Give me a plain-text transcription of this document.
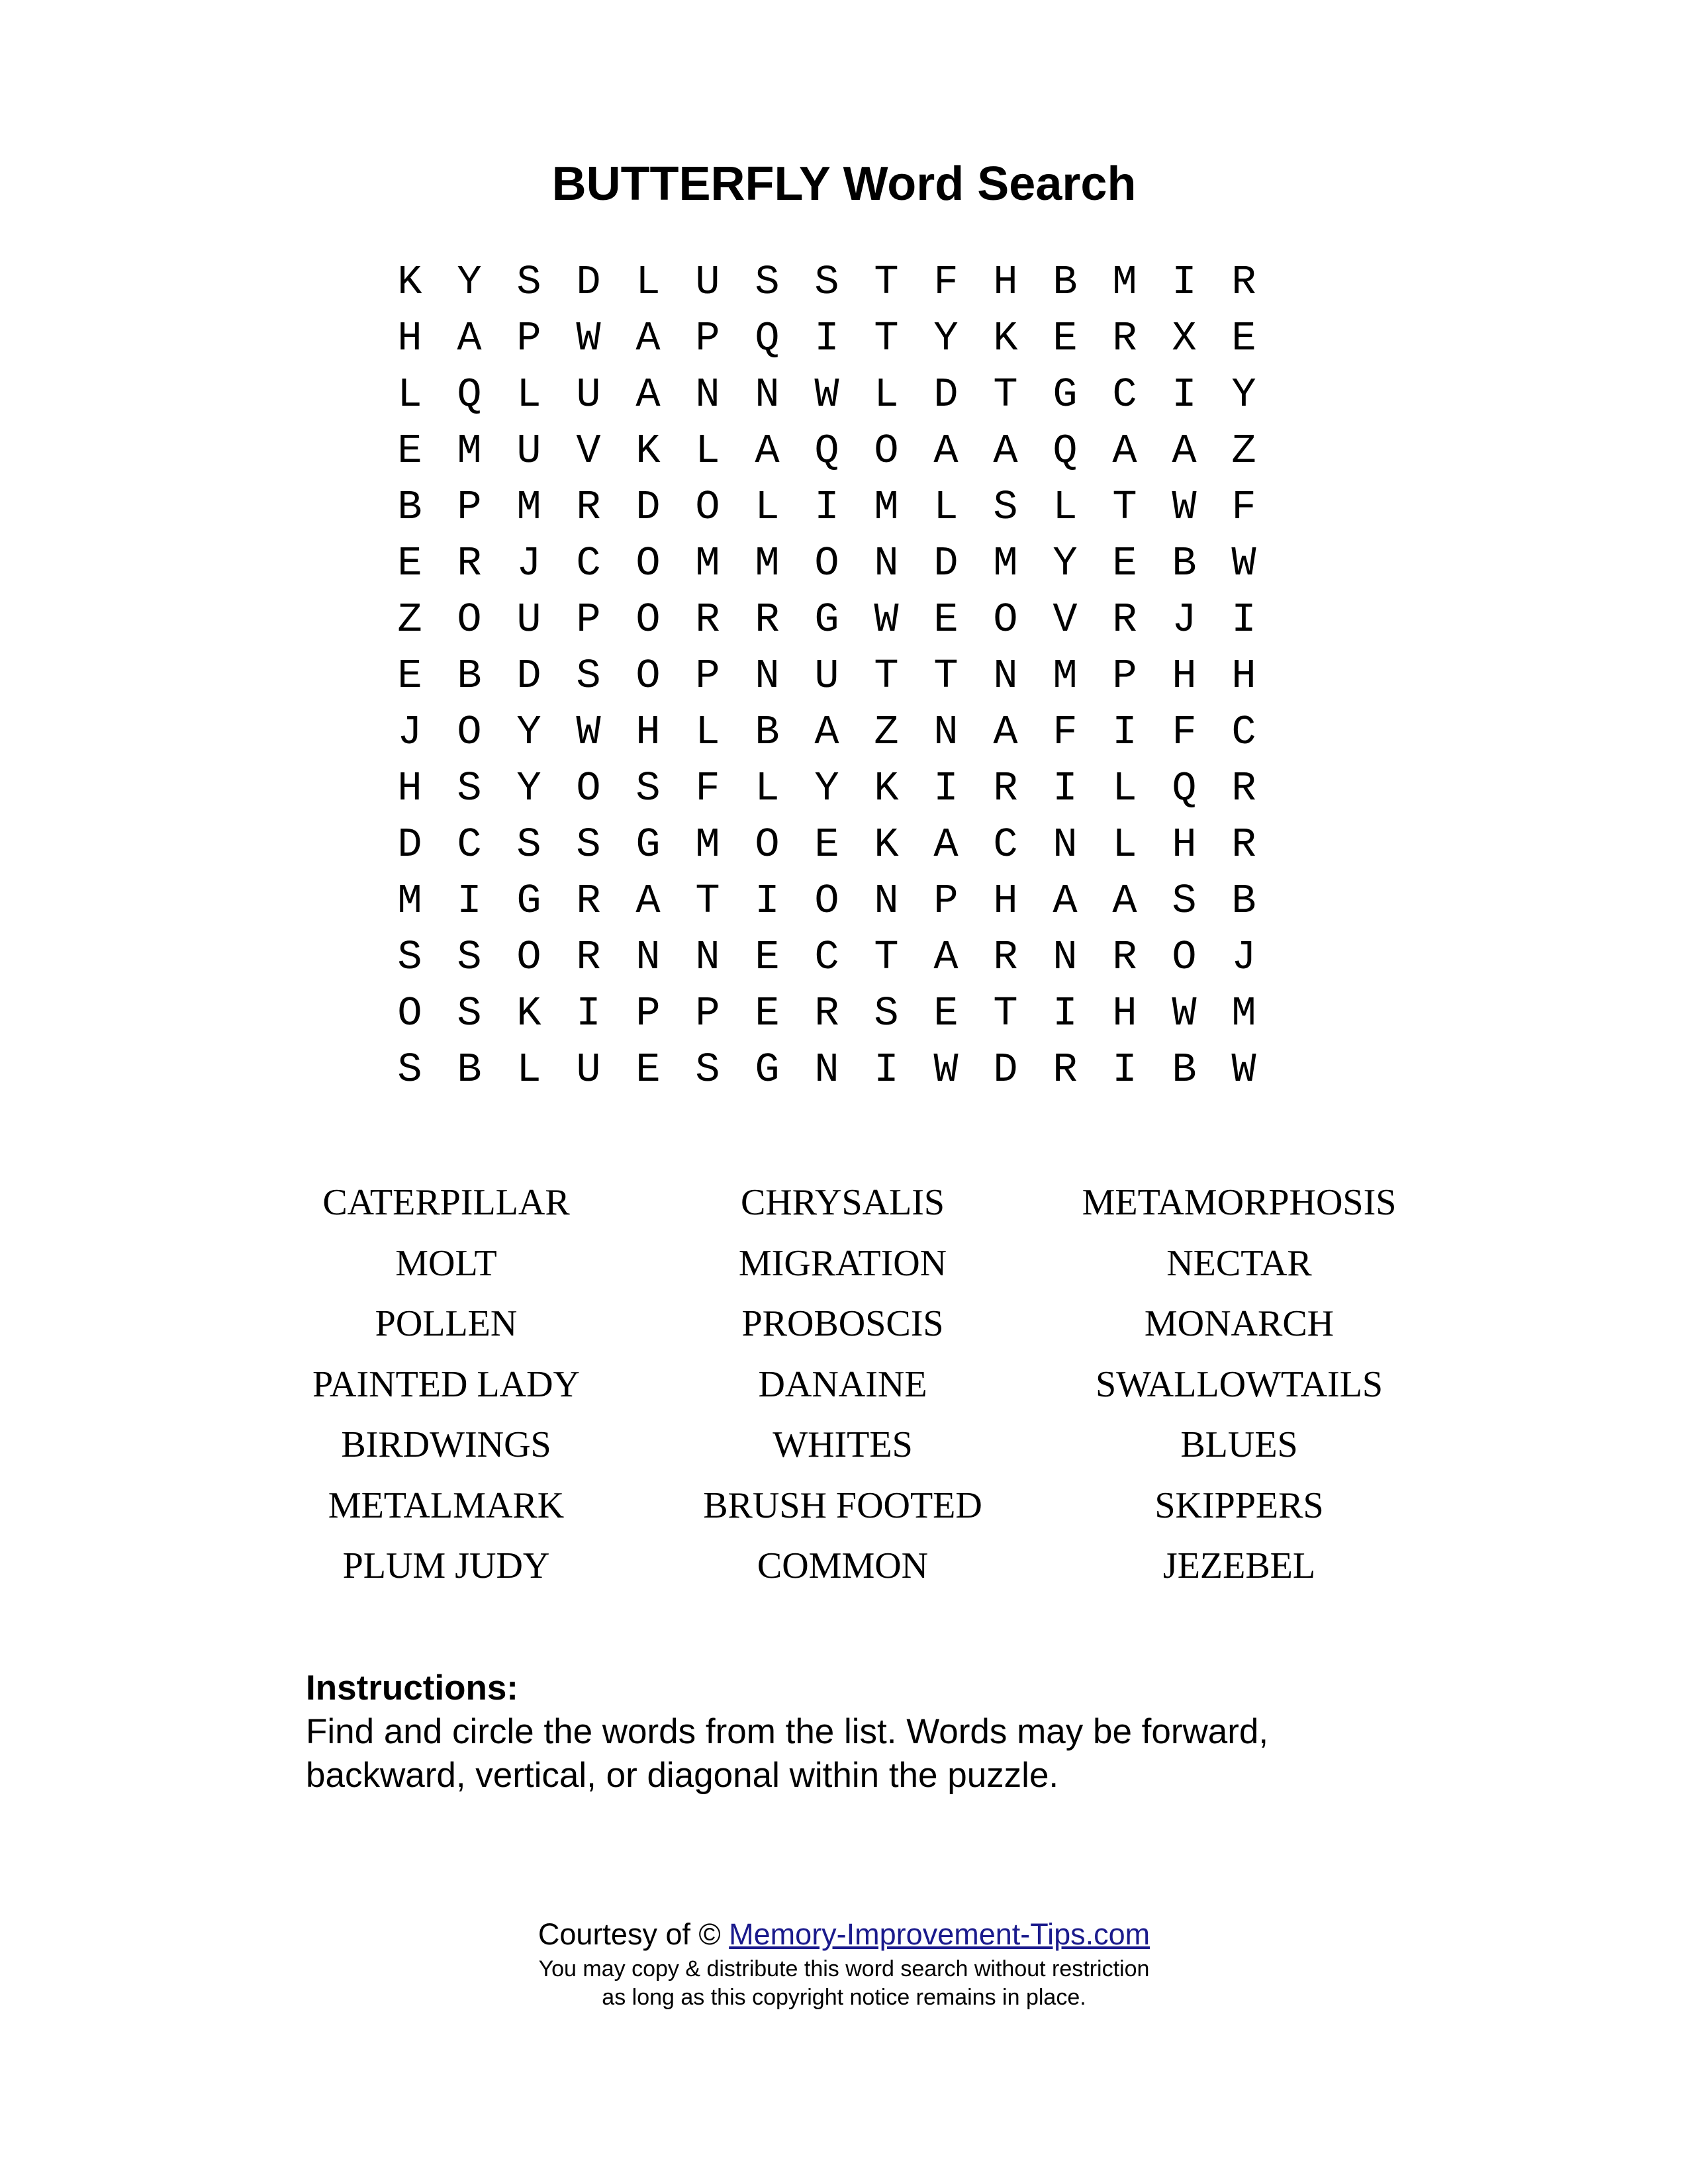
BUTTERFLY Word Search
K Y S D L U S S T F H B M I R
H A P W A P Q I T Y K E R X E
L Q L U A N N W L D T G C I Y
E M U V K L A Q O A A Q A A Z
B P M R D O L I M L S L T W F
E R J C O M M O N D M Y E B W
Z O U P O R R G W E O V R J I
E B D S O P N U T T N M P H H
J O Y W H L B A Z N A F I F C
H S Y O S F L Y K I R I L Q R
D C S S G M O E K A C N L H R
M I G R A T I O N P H A A S B
S S O R N N E C T A R N R O J
O S K I P P E R S E T I H W M
S B L U E S G N I W D R I B W
CATERPILLAR	CHRYSALIS	METAMORPHOSIS
MOLT	MIGRATION	NECTAR
POLLEN	PROBOSCIS	MONARCH
PAINTED LADY	DANAINE	SWALLOWTAILS
BIRDWINGS	WHITES	BLUES
METALMARK	BRUSH FOOTED	SKIPPERS
PLUM JUDY	COMMON	JEZEBEL
Instructions:
Find and circle the words from the list. Words may be forward, backward, vertical, or diagonal within the puzzle.
Courtesy of © Memory-Improvement-Tips.com
You may copy & distribute this word search without restriction
as long as this copyright notice remains in place.
